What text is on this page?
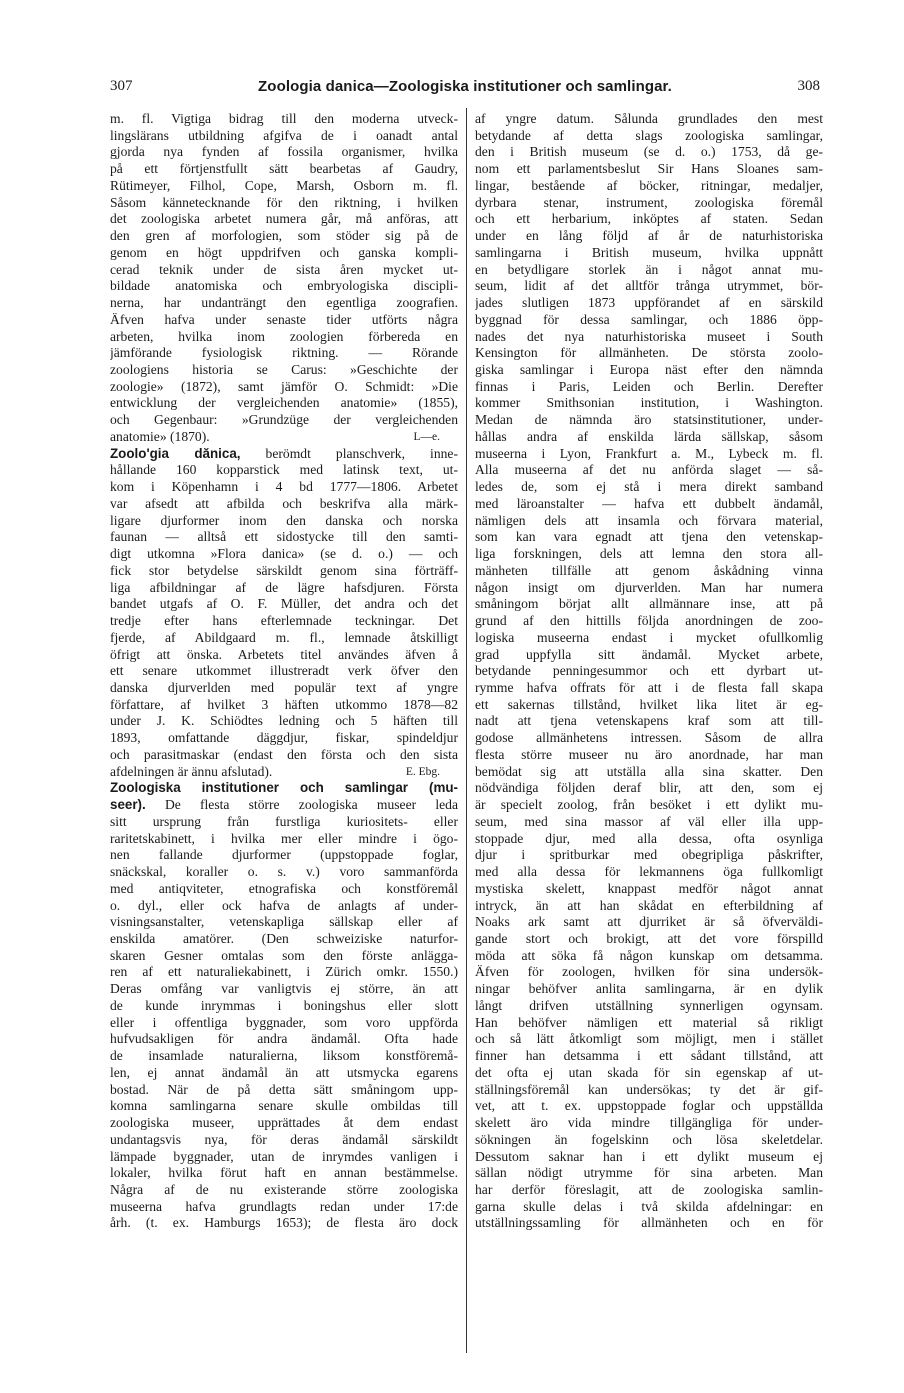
307	Zoologia danica—Zoologiska institutioner och samlingar.	308
m. fl. Vigtiga bidrag till den moderna utveck-
lingslärans utbildning afgifva de i oanadt antal
gjorda nya fynden af fossila organismer, hvilka
på ett förtjenstfullt sätt bearbetas af Gaudry,
Rütimeyer, Filhol, Cope, Marsh, Osborn m. fl.
Såsom kännetecknande för den riktning, i hvilken
det zoologiska arbetet numera går, må anföras, att
den gren af morfologien, som stöder sig på de
genom en högt uppdrifven och ganska kompli-
cerad teknik under de sista åren mycket ut-
bildade anatomiska och embryologiska discipli-
nerna, har undanträngt den egentliga zoografien.
Äfven hafva under senaste tider utförts några
arbeten, hvilka inom zoologien förbereda en
jämförande fysiologisk riktning. — Rörande
zoologiens historia se Carus: »Geschichte der
zoologie» (1872), samt jämför O. Schmidt: »Die
entwicklung der vergleichenden anatomie» (1855),
och Gegenbaur: »Grundzüge der vergleichenden
anatomie» (1870).	L—e.
Zoolo'gia dănica, berömdt planschverk, inne-
hållande 160 kopparstick med latinsk text, ut-
kom i Köpenhamn i 4 bd 1777—1806. Arbetet
var afsedt att afbilda och beskrifva alla märk-
ligare djurformer inom den danska och norska
faunan — alltså ett sidostycke till den samti-
digt utkomna »Flora danica» (se d. o.) — och
fick stor betydelse särskildt genom sina förträff-
liga afbildningar af de lägre hafsdjuren. Första
bandet utgafs af O. F. Müller, det andra och det
tredje efter hans efterlemnade teckningar. Det
fjerde, af Abildgaard m. fl., lemnade åtskilligt
öfrigt att önska. Arbetets titel användes äfven å
ett senare utkommet illustreradt verk öfver den
danska djurverlden med populär text af yngre
författare, af hvilket 3 häften utkommo 1878—82
under J. K. Schiödtes ledning och 5 häften till
1893, omfattande däggdjur, fiskar, spindeldjur
och parasitmaskar (endast den första och den sista
afdelningen är ännu afslutad).	E. Ebg.
Zoologiska institutioner och samlingar (mu-
seer). De flesta större zoologiska museer leda
sitt ursprung från furstliga kuriositets- eller
raritetskabinett, i hvilka mer eller mindre i ögo-
nen fallande djurformer (uppstoppade foglar,
snäckskal, koraller o. s. v.) voro sammanförda
med antiqviteter, etnografiska och konstföremål
o. dyl., eller ock hafva de anlagts af under-
visningsanstalter, vetenskapliga sällskap eller af
enskilda amatörer. (Den schweiziske naturfor-
skaren Gesner omtalas som den förste anlägga-
ren af ett naturaliekabinett, i Zürich omkr. 1550.)
Deras omfång var vanligtvis ej större, än att
de kunde inrymmas i boningshus eller slott
eller i offentliga byggnader, som voro uppförda
hufvudsakligen för andra ändamål. Ofta hade
de insamlade naturalierna, liksom konstföremå-
len, ej annat ändamål än att utsmycka egarens
bostad. När de på detta sätt småningom upp-
komna samlingarna senare skulle ombildas till
zoologiska museer, upprättades åt dem endast
undantagsvis nya, för deras ändamål särskildt
lämpade byggnader, utan de inrymdes vanligen i
lokaler, hvilka förut haft en annan bestämmelse.
Några af de nu existerande större zoologiska
museerna hafva grundlagts redan under 17:de
årh. (t. ex. Hamburgs 1653); de flesta äro dock
af yngre datum. Sålunda grundlades den mest
betydande af detta slags zoologiska samlingar,
den i British museum (se d. o.) 1753, då ge-
nom ett parlamentsbeslut Sir Hans Sloanes sam-
lingar, bestående af böcker, ritningar, medaljer,
dyrbara stenar, instrument, zoologiska föremål
och ett herbarium, inköptes af staten. Sedan
under en lång följd af år de naturhistoriska
samlingarna i British museum, hvilka uppnått
en betydligare storlek än i något annat mu-
seum, lidit af det alltför trånga utrymmet, bör-
jades slutligen 1873 uppförandet af en särskild
byggnad för dessa samlingar, och 1886 öpp-
nades det nya naturhistoriska museet i South
Kensington för allmänheten. De största zoolo-
giska samlingar i Europa näst efter den nämnda
finnas i Paris, Leiden och Berlin. Derefter
kommer Smithsonian institution, i Washington.
Medan de nämnda äro statsinstitutioner, under-
hållas andra af enskilda lärda sällskap, såsom
museerna i Lyon, Frankfurt a. M., Lybeck m. fl.
Alla museerna af det nu anförda slaget — så-
ledes de, som ej stå i mera direkt samband
med läroanstalter — hafva ett dubbelt ändamål,
nämligen dels att insamla och förvara material,
som kan vara egnadt att tjena den vetenskap-
liga forskningen, dels att lemna den stora all-
mänheten tillfälle att genom åskådning vinna
någon insigt om djurverlden. Man har numera
småningom börjat allt allmännare inse, att på
grund af den hittills följda anordningen de zoo-
logiska museerna endast i mycket ofullkomlig
grad uppfylla sitt ändamål. Mycket arbete,
betydande penningesummor och ett dyrbart ut-
rymme hafva offrats för att i de flesta fall skapa
ett sakernas tillstånd, hvilket lika litet är eg-
nadt att tjena vetenskapens kraf som att till-
godose allmänhetens intressen. Såsom de allra
flesta större museer nu äro anordnade, har man
bemödat sig att utställa alla sina skatter. Den
nödvändiga följden deraf blir, att den, som ej
är specielt zoolog, från besöket i ett dylikt mu-
seum, med sina massor af väl eller illa upp-
stoppade djur, med alla dessa, ofta osynliga
djur i spritburkar med obegripliga påskrifter,
med alla dessa för lekmannens öga fullkomligt
mystiska skelett, knappast medför något annat
intryck, än att han skådat en efterbildning af
Noaks ark samt att djurriket är så öfverväldi-
gande stort och brokigt, att det vore förspilld
möda att söka få någon kunskap om detsamma.
Äfven för zoologen, hvilken för sina undersök-
ningar behöfver anlita samlingarna, är en dylik
långt drifven utställning synnerligen ogynsam.
Han behöfver nämligen ett material så rikligt
och så lätt åtkomligt som möjligt, men i stället
finner han detsamma i ett sådant tillstånd, att
det ofta ej utan skada för sin egenskap af ut-
ställningsföremål kan undersökas; ty det är gif-
vet, att t. ex. uppstoppade foglar och uppställda
skelett äro vida mindre tillgängliga för under-
sökningen än fogelskinn och lösa skeletdelar.
Dessutom saknar han i ett dylikt museum ej
sällan nödigt utrymme för sina arbeten. Man
har derför föreslagit, att de zoologiska samlin-
garna skulle delas i två skilda afdelningar: en
utställningssamling för allmänheten och en för
